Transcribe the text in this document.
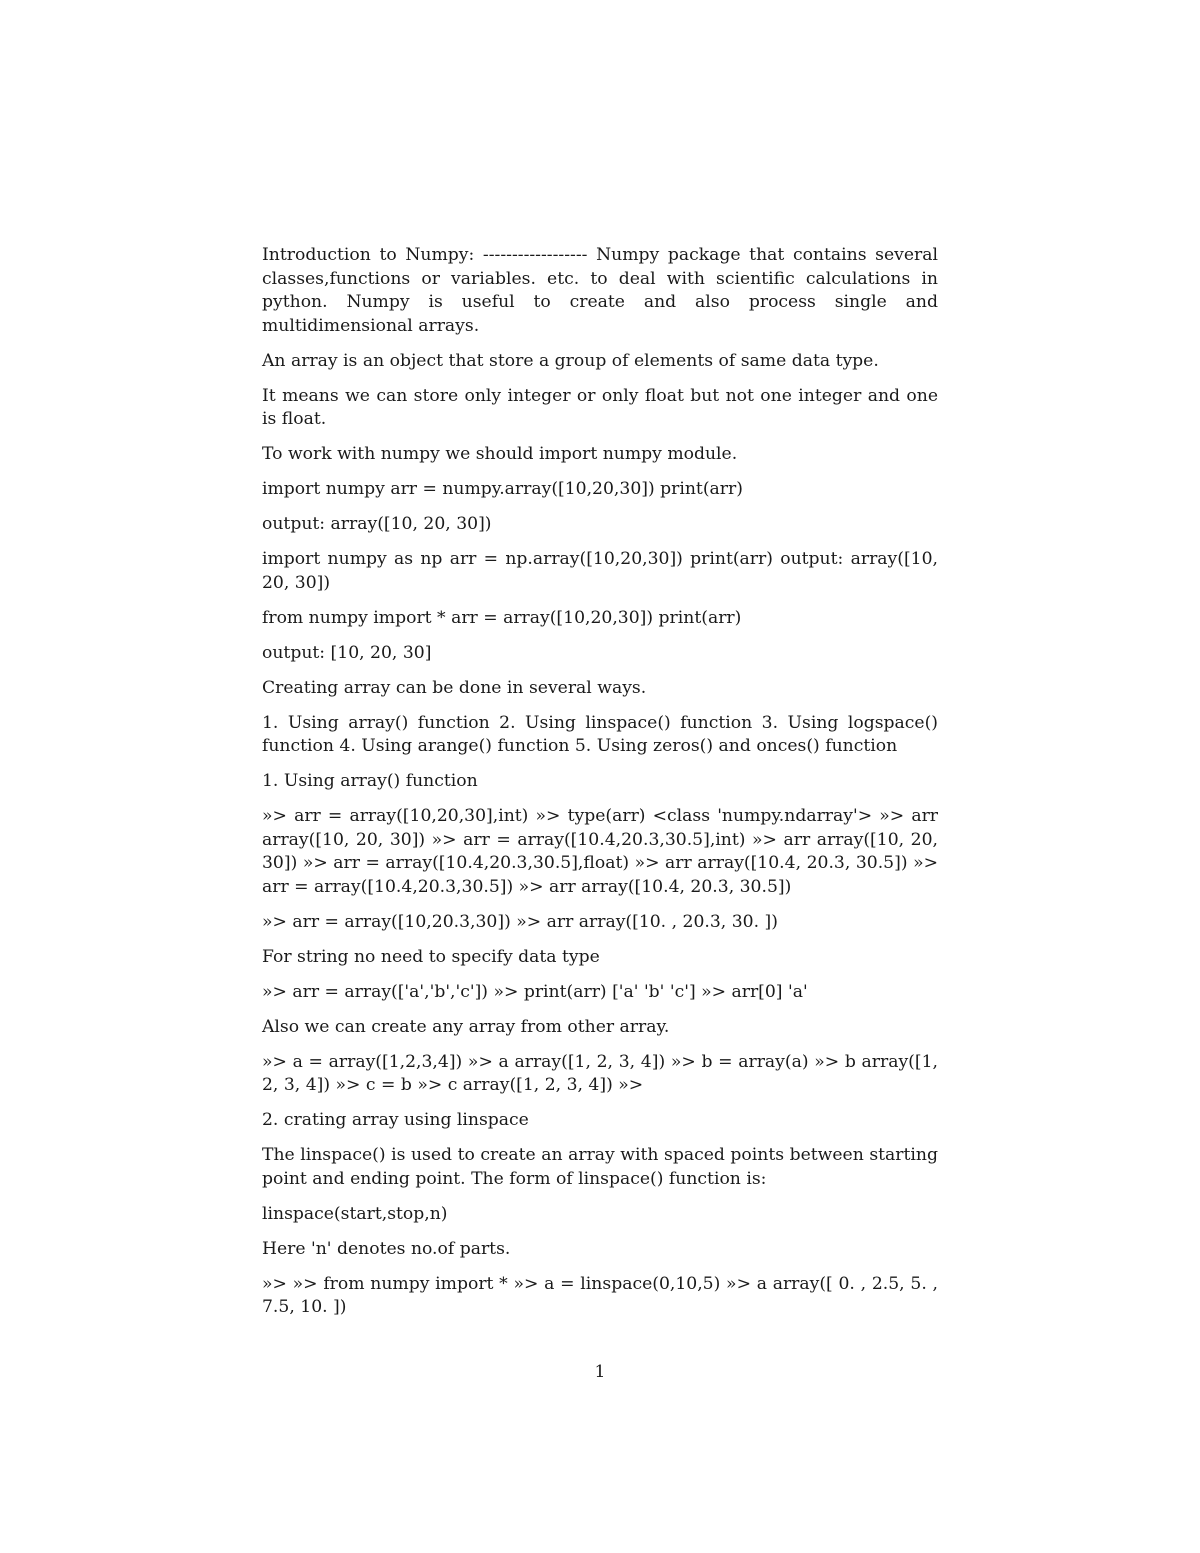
Introduction to Numpy: ------------------ Numpy package that contains several classes,functions or variables. etc. to deal with scientific calculations in python. Numpy is useful to create and also process single and multidimensional arrays.

An array is an object that store a group of elements of same data type.

It means we can store only integer or only float but not one integer and one is float.

To work with numpy we should import numpy module.

import numpy arr = numpy.array([10,20,30]) print(arr)

output: array([10, 20, 30])

import numpy as np arr = np.array([10,20,30]) print(arr) output: array([10, 20, 30])

from numpy import * arr = array([10,20,30]) print(arr)

output: [10, 20, 30]

Creating array can be done in several ways.

1. Using array() function 2. Using linspace() function 3. Using logspace() function 4. Using arange() function 5. Using zeros() and onces() function

1. Using array() function

»> arr = array([10,20,30],int) »> type(arr) <class 'numpy.ndarray'> »> arr array([10, 20, 30]) »> arr = array([10.4,20.3,30.5],int) »> arr array([10, 20, 30]) »> arr = array([10.4,20.3,30.5],float) »> arr array([10.4, 20.3, 30.5]) »> arr = array([10.4,20.3,30.5]) »> arr array([10.4, 20.3, 30.5])

»> arr = array([10,20.3,30]) »> arr array([10. , 20.3, 30. ])

For string no need to specify data type

»> arr = array(['a','b','c']) »> print(arr) ['a' 'b' 'c'] »> arr[0] 'a'

Also we can create any array from other array.

»> a = array([1,2,3,4]) »> a array([1, 2, 3, 4]) »> b = array(a) »> b array([1, 2, 3, 4]) »> c = b »> c array([1, 2, 3, 4]) »>

2. crating array using linspace

The linspace() is used to create an array with spaced points between starting point and ending point. The form of linspace() function is:

linspace(start,stop,n)

Here 'n' denotes no.of parts.

»> »> from numpy import * »> a = linspace(0,10,5) »> a array([ 0. , 2.5, 5. , 7.5, 10. ])

1
